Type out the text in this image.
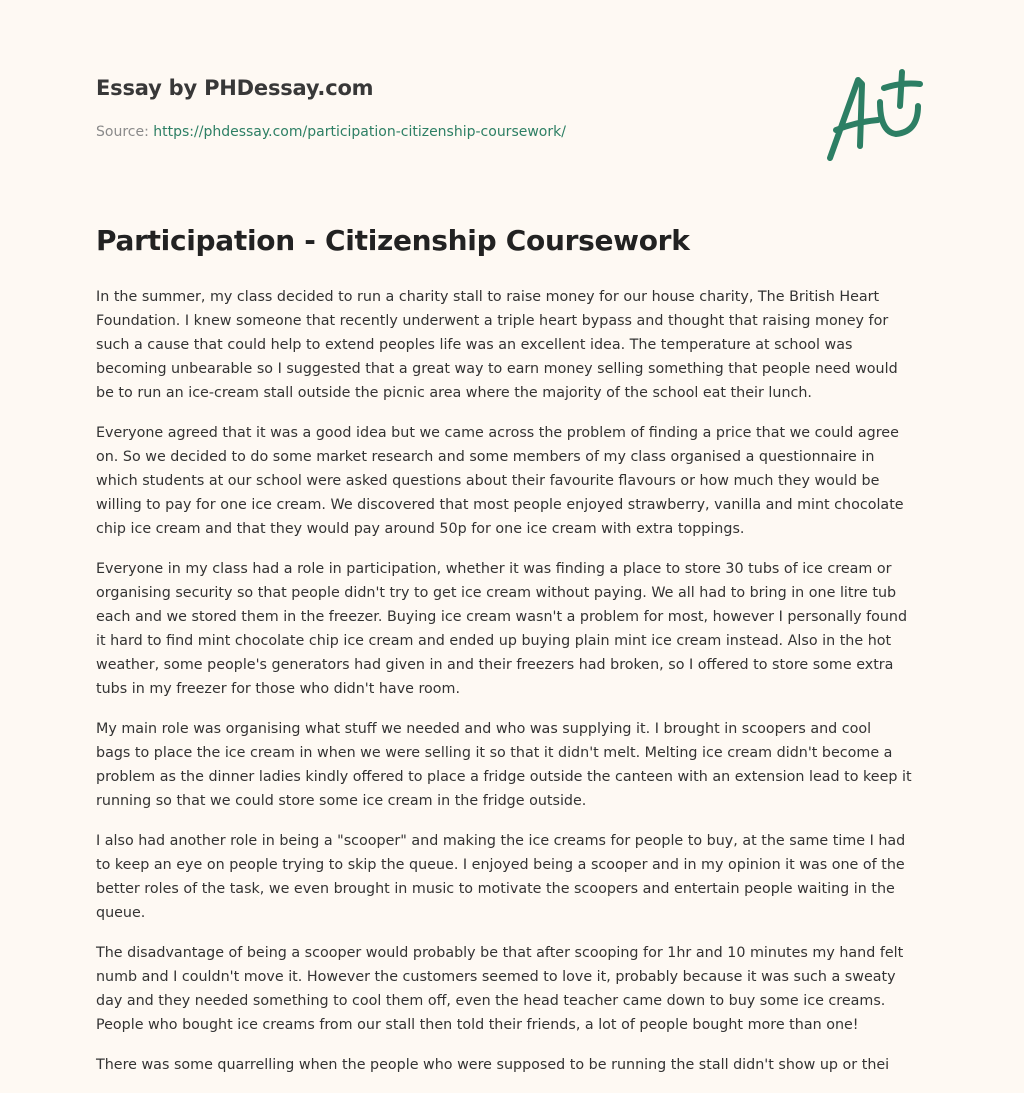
Essay by PHDessay.com
Source: https://phdessay.com/participation-citizenship-coursework/
Participation - Citizenship Coursework

In the summer, my class decided to run a charity stall to raise money for our house charity, The British Heart
Foundation. I knew someone that recently underwent a triple heart bypass and thought that raising money for
such a cause that could help to extend peoples life was an excellent idea. The temperature at school was
becoming unbearable so I suggested that a great way to earn money selling something that people need would
be to run an ice-cream stall outside the picnic area where the majority of the school eat their lunch.

Everyone agreed that it was a good idea but we came across the problem of finding a price that we could agree
on. So we decided to do some market research and some members of my class organised a questionnaire in
which students at our school were asked questions about their favourite flavours or how much they would be
willing to pay for one ice cream. We discovered that most people enjoyed strawberry, vanilla and mint chocolate
chip ice cream and that they would pay around 50p for one ice cream with extra toppings.

Everyone in my class had a role in participation, whether it was finding a place to store 30 tubs of ice cream or
organising security so that people didn't try to get ice cream without paying. We all had to bring in one litre tub
each and we stored them in the freezer. Buying ice cream wasn't a problem for most, however I personally found
it hard to find mint chocolate chip ice cream and ended up buying plain mint ice cream instead. Also in the hot
weather, some people's generators had given in and their freezers had broken, so I offered to store some extra
tubs in my freezer for those who didn't have room.

My main role was organising what stuff we needed and who was supplying it. I brought in scoopers and cool
bags to place the ice cream in when we were selling it so that it didn't melt. Melting ice cream didn't become a
problem as the dinner ladies kindly offered to place a fridge outside the canteen with an extension lead to keep it
running so that we could store some ice cream in the fridge outside.

I also had another role in being a "scooper" and making the ice creams for people to buy, at the same time I had
to keep an eye on people trying to skip the queue. I enjoyed being a scooper and in my opinion it was one of the
better roles of the task, we even brought in music to motivate the scoopers and entertain people waiting in the
queue.

The disadvantage of being a scooper would probably be that after scooping for 1hr and 10 minutes my hand felt
numb and I couldn't move it. However the customers seemed to love it, probably because it was such a sweaty
day and they needed something to cool them off, even the head teacher came down to buy some ice creams.
People who bought ice creams from our stall then told their friends, a lot of people bought more than one!

There was some quarrelling when the people who were supposed to be running the stall didn't show up or thei
